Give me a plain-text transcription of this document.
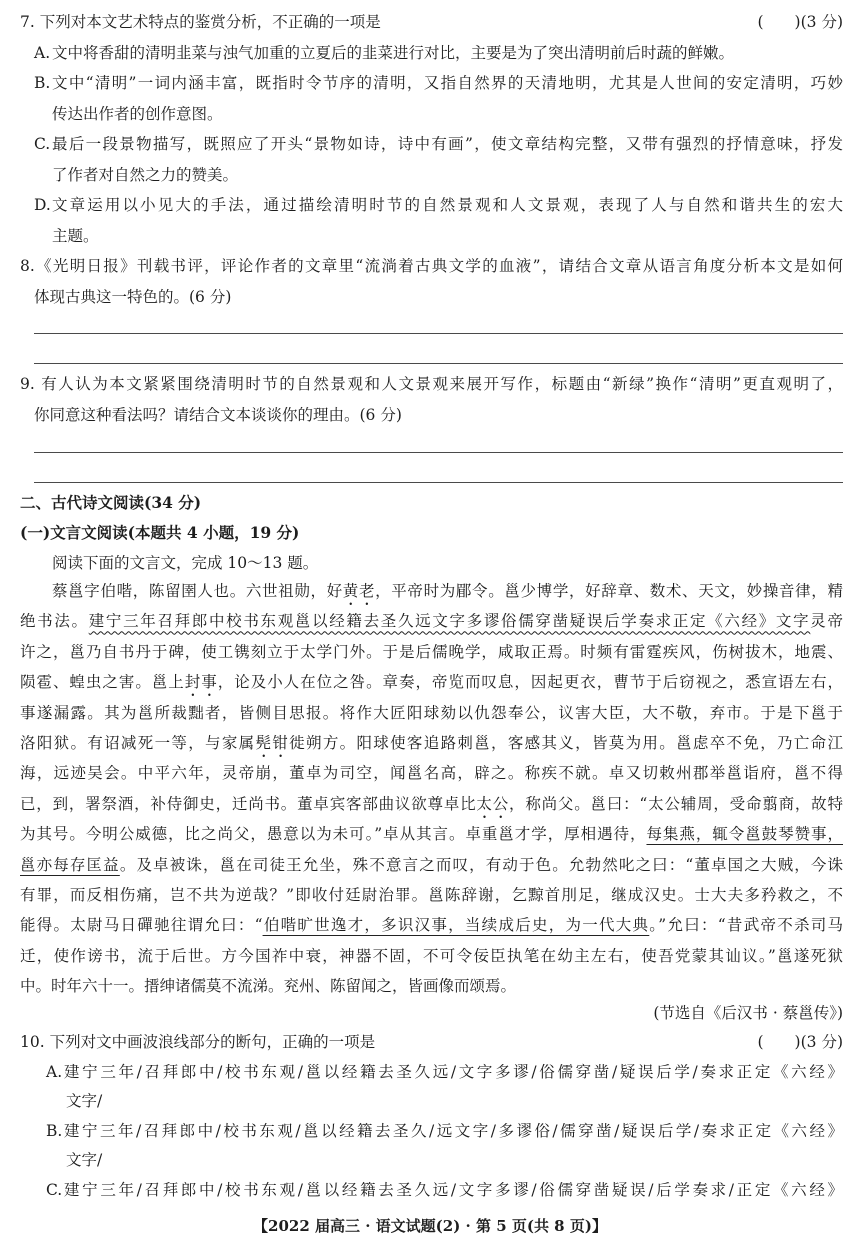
7. 下列对本文艺术特点的鉴赏分析，不正确的一项是	(　　)(3 分)
A. 文中将香甜的清明韭菜与浊气加重的立夏后的韭菜进行对比，主要是为了突出清明前后时蔬的鲜嫩。
B. 文中“清明”一词内涵丰富，既指时令节序的清明，又指自然界的天清地明，尤其是人世间的安定清明，巧妙
传达出作者的创作意图。
C. 最后一段景物描写，既照应了开头“景物如诗，诗中有画”，使文章结构完整，又带有强烈的抒情意味，抒发
了作者对自然之力的赞美。
D. 文章运用以小见大的手法，通过描绘清明时节的自然景观和人文景观，表现了人与自然和谐共生的宏大
主题。
8.《光明日报》刊载书评，评论作者的文章里“流淌着古典文学的血液”，请结合文章从语言角度分析本文是如何
体现古典这一特色的。(6 分)
9. 有人认为本文紧紧围绕清明时节的自然景观和人文景观来展开写作，标题由“新绿”换作“清明”更直观明了，
你同意这种看法吗？请结合文本谈谈你的理由。(6 分)
二、古代诗文阅读(34 分)
(一)文言文阅读(本题共 4 小题，19 分)
阅读下面的文言文，完成 10～13 题。
蔡邕字伯喈，陈留圉人也。六世祖勋，好黄老，平帝时为郿令。邕少博学，好辞章、数术、天文，妙操音律，精
绝书法。建宁三年召拜郎中校书东观邕以经籍去圣久远文字多谬俗儒穿凿疑误后学奏求正定《六经》文字灵帝
许之，邕乃自书丹于碑，使工镌刻立于太学门外。于是后儒晚学，咸取正焉。时频有雷霆疾风，伤树拔木，地震、
陨雹、蝗虫之害。邕上封事，论及小人在位之咎。章奏，帝览而叹息，因起更衣，曹节于后窃视之，悉宣语左右，
事遂漏露。其为邕所裁黜者，皆侧目思报。将作大匠阳球劾以仇怨奉公，议害大臣，大不敬，弃市。于是下邕于
洛阳狱。有诏减死一等，与家属髡钳徙朔方。阳球使客追路刺邕，客感其义，皆莫为用。邕虑卒不免，乃亡命江
海，远迹吴会。中平六年，灵帝崩，董卓为司空，闻邕名高，辟之。称疾不就。卓又切敕州郡举邕诣府，邕不得
已，到，署祭酒，补侍御史，迁尚书。董卓宾客部曲议欲尊卓比太公，称尚父。邕曰：“太公辅周，受命翦商，故特
为其号。今明公威德，比之尚父，愚意以为未可。”卓从其言。卓重邕才学，厚相遇待，每集燕，辄令邕鼓琴赞事，
邕亦每存匡益。及卓被诛，邕在司徒王允坐，殊不意言之而叹，有动于色。允勃然叱之曰：“董卓国之大贼，今诛
有罪，而反相伤痛，岂不共为逆哉？”即收付廷尉治罪。邕陈辞谢，乞黥首刖足，继成汉史。士大夫多矜救之，不
能得。太尉马日磾驰往谓允曰：“伯喈旷世逸才，多识汉事，当续成后史，为一代大典。”允曰：“昔武帝不杀司马
迁，使作谤书，流于后世。方今国祚中衰，神器不固，不可令佞臣执笔在幼主左右，使吾党蒙其讪议。”邕遂死狱
中。时年六十一。搢绅诸儒莫不流涕。兖州、陈留闻之，皆画像而颂焉。
(节选自《后汉书 · 蔡邕传》)
10. 下列对文中画波浪线部分的断句，正确的一项是	(　　)(3 分)
A. 建宁三年/召拜郎中/校书东观/邕以经籍去圣久远/文字多谬/俗儒穿凿/疑误后学/奏求正定《六经》
文字/
B. 建宁三年/召拜郎中/校书东观/邕以经籍去圣久/远文字/多谬俗/儒穿凿/疑误后学/奏求正定《六经》
文字/
C. 建宁三年/召拜郎中/校书东观/邕以经籍去圣久远/文字多谬/俗儒穿凿疑误/后学奏求/正定《六经》
【2022 届高三 · 语文试题(2) · 第 5 页(共 8 页)】
